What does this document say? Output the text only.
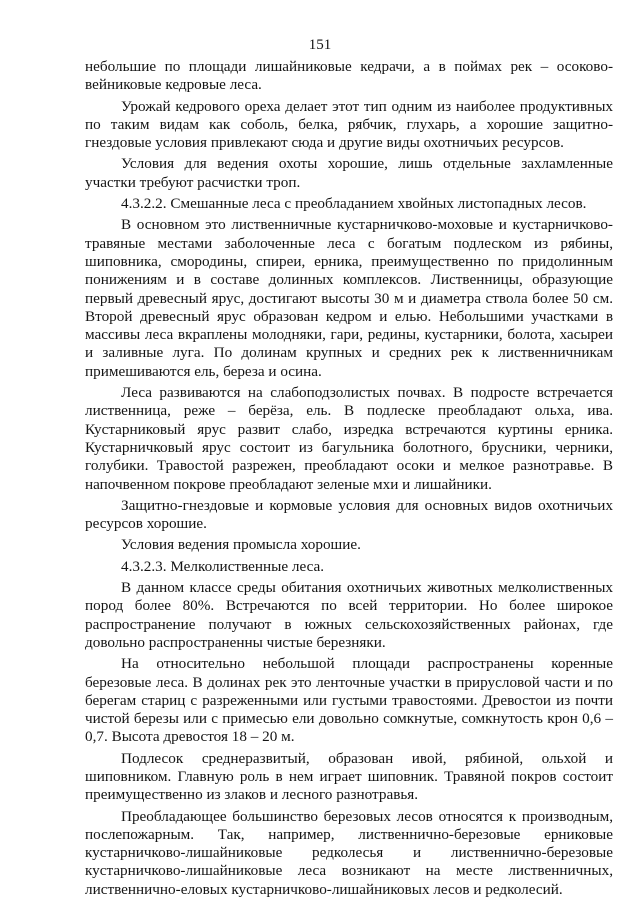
151

небольшие по площади лишайниковые кедрачи, а в поймах рек – осоково-вейниковые кедровые леса.

Урожай кедрового ореха делает этот тип одним из наиболее продуктивных по таким видам как соболь, белка, рябчик, глухарь, а хорошие защитно-гнездовые условия привлекают сюда и другие виды охотничьих ресурсов.

Условия для ведения охоты хорошие, лишь отдельные захламленные участки требуют расчистки троп.

4.3.2.2. Смешанные леса с преобладанием хвойных листопадных лесов.

В основном это лиственничные кустарничково-моховые и кустарничково-травяные местами заболоченные леса с богатым подлеском из рябины, шиповника, смородины, спиреи, ерника, преимущественно по придолинным понижениям и в составе долинных комплексов. Лиственницы, образующие первый древесный ярус, достигают высоты 30 м и диаметра ствола более 50 см. Второй древесный ярус образован кедром и елью. Небольшими участками в массивы леса вкраплены молодняки, гари, редины, кустарники, болота, хасыреи и заливные луга. По долинам крупных и средних рек к лиственничникам примешиваются ель, береза и осина.

Леса развиваются на слабоподзолистых почвах. В подросте встречается лиственница, реже – берёза, ель. В подлеске преобладают ольха, ива. Кустарниковый ярус развит слабо, изредка встречаются куртины ерника. Кустарничковый ярус состоит из багульника болотного, брусники, черники, голубики. Травостой разрежен, преобладают осоки и мелкое разнотравье. В напочвенном покрове преобладают зеленые мхи и лишайники.

Защитно-гнездовые и кормовые условия для основных видов охотничьих ресурсов хорошие.

Условия ведения промысла хорошие.

4.3.2.3. Мелколиственные леса.

В данном классе среды обитания охотничьих животных мелколиственных пород более 80%. Встречаются по всей территории. Но более широкое распространение получают в южных сельскохозяйственных районах, где довольно распространенны чистые березняки.

На относительно небольшой площади распространены коренные березовые леса. В долинах рек это ленточные участки в прирусловой части и по берегам стариц с разреженными или густыми травостоями. Древостои из почти чистой березы или с примесью ели довольно сомкнутые, сомкнутость крон 0,6 – 0,7. Высота древостоя 18 – 20 м.

Подлесок среднеразвитый, образован ивой, рябиной, ольхой и шиповником. Главную роль в нем играет шиповник. Травяной покров состоит преимущественно из злаков и лесного разнотравья.

Преобладающее большинство березовых лесов относятся к производным, послепожарным. Так, например, лиственнично-березовые ерниковые кустарничково-лишайниковые редколесья и лиственнично-березовые кустарничково-лишайниковые леса возникают на месте лиственничных, лиственнично-еловых кустарничково-лишайниковых лесов и редколесий.
